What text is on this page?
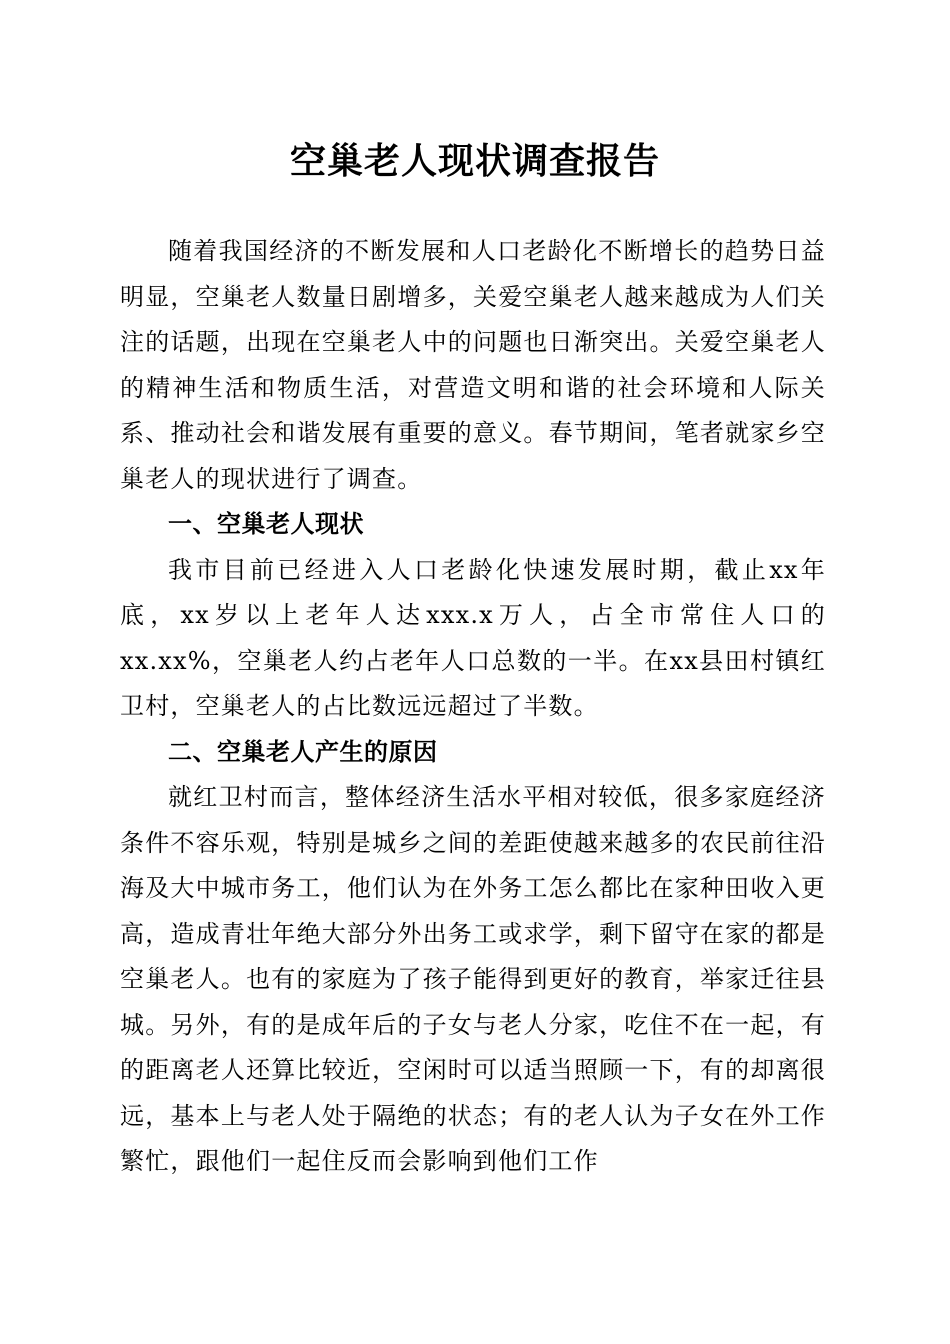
空巢老人现状调查报告

随着我国经济的不断发展和人口老龄化不断增长的趋势日益明显，空巢老人数量日剧增多，关爱空巢老人越来越成为人们关注的话题，出现在空巢老人中的问题也日渐突出。关爱空巢老人的精神生活和物质生活，对营造文明和谐的社会环境和人际关系、推动社会和谐发展有重要的意义。春节期间，笔者就家乡空巢老人的现状进行了调查。

一、空巢老人现状

我市目前已经进入人口老龄化快速发展时期，截止xx年底，xx岁以上老年人达xxx.x万人，占全市常住人口的xx.xx%，空巢老人约占老年人口总数的一半。在xx县田村镇红卫村，空巢老人的占比数远远超过了半数。

二、空巢老人产生的原因

就红卫村而言，整体经济生活水平相对较低，很多家庭经济条件不容乐观，特别是城乡之间的差距使越来越多的农民前往沿海及大中城市务工，他们认为在外务工怎么都比在家种田收入更高，造成青壮年绝大部分外出务工或求学，剩下留守在家的都是空巢老人。也有的家庭为了孩子能得到更好的教育，举家迁往县城。另外，有的是成年后的子女与老人分家，吃住不在一起，有的距离老人还算比较近，空闲时可以适当照顾一下，有的却离很远，基本上与老人处于隔绝的状态；有的老人认为子女在外工作繁忙，跟他们一起住反而会影响到他们工作
